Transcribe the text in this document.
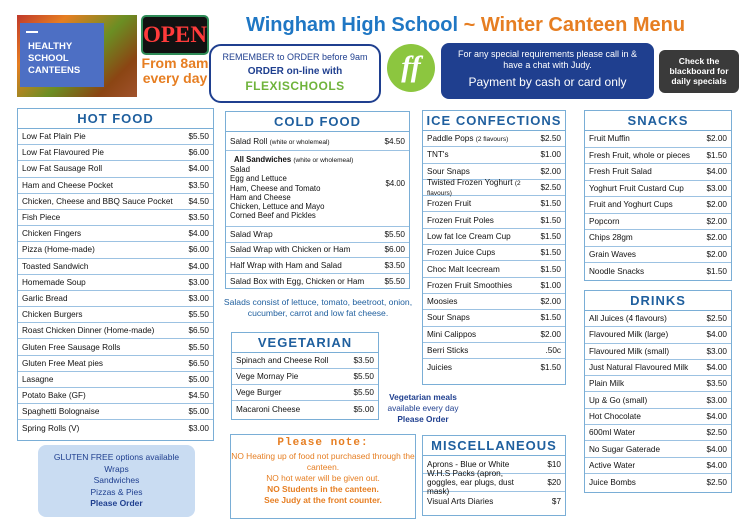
HEALTHY SCHOOL CANTEENS
OPEN
From 8am
every day
Wingham High School ~ Winter Canteen Menu
REMEMBER to ORDER before 9am
ORDER on-line with
FLEXISCHOOLS
ff	For any special requirements please call in & have a chat with Judy.
Payment by cash or card only
Check the blackboard for daily specials
HOT FOOD
Low Fat Plain Pie	$5.50
Low Fat Flavoured Pie	$6.00
Low Fat Sausage Roll	$4.00
Ham and Cheese Pocket	$3.50
Chicken, Cheese and BBQ Sauce Pocket	$4.50
Fish Piece	$3.50
Chicken Fingers	$4.00
Pizza (Home-made)	$6.00
Toasted Sandwich	$4.00
Homemade Soup	$3.00
Garlic Bread	$3.00
Chicken Burgers	$5.50
Roast Chicken Dinner (Home-made)	$6.50
Gluten Free Sausage Rolls	$5.50
Gluten Free Meat pies	$6.50
Lasagne	$5.00
Potato Bake (GF)	$4.50
Spaghetti Bolognaise	$5.00
Spring Rolls (V)	$3.00
GLUTEN FREE options available
Wraps
Sandwiches
Pizzas & Pies
Please Order
COLD FOOD
Salad Roll (white or wholemeal)	$4.50
All Sandwiches (white or wholemeal)
Salad
Egg and Lettuce
Ham, Cheese and Tomato
Ham and Cheese
Chicken, Lettuce and Mayo
Corned Beef and Pickles
$4.00
Salad Wrap	$5.50
Salad Wrap with Chicken or Ham	$6.00
Half Wrap with Ham and Salad	$3.50
Salad Box with Egg, Chicken or Ham	$5.50
Salads consist of lettuce, tomato, beetroot, onion, cucumber, carrot and low fat cheese.
VEGETARIAN
Spinach and Cheese Roll	$3.50
Vege Mornay Pie	$5.50
Vege Burger	$5.50
Macaroni Cheese	$5.00
Vegetarian meals
available every day
Please Order
Please note:
NO Heating up of food not purchased through the canteen.
NO hot water will be given out.
NO Students in the canteen.
See Judy at the front counter.
ICE CONFECTIONS
Paddle Pops (2 flavours)	$2.50
TNT's	$1.00
Sour Snaps	$2.00
Twisted Frozen Yoghurt (2 flavours)
$2.50
Frozen Fruit	$1.50
Frozen Fruit Poles	$1.50
Low fat Ice Cream Cup	$1.50
Frozen Juice Cups	$1.50
Choc Malt Icecream	$1.50
Frozen Fruit Smoothies	$1.00
Moosies	$2.00
Sour Snaps	$1.50
Mini Calippos	$2.00
Berri Sticks	.50c
Juicies	$1.50
MISCELLANEOUS
Aprons - Blue or White	$10
W.H.S Packs (apron, goggles, ear plugs, dust mask)
$20
Visual Arts Diaries	$7
SNACKS
Fruit Muffin	$2.00
Fresh Fruit, whole or pieces	$1.50
Fresh Fruit Salad	$4.00
Yoghurt Fruit Custard Cup	$3.00
Fruit and Yoghurt Cups	$2.00
Popcorn	$2.00
Chips 28gm	$2.00
Grain Waves	$2.00
Noodle Snacks	$1.50
DRINKS
All Juices (4 flavours)	$2.50
Flavoured Milk (large)	$4.00
Flavoured Milk (small)	$3.00
Just Natural Flavoured Milk	$4.00
Plain Milk	$3.50
Up & Go (small)	$3.00
Hot Chocolate	$4.00
600ml Water	$2.50
No Sugar Gaterade	$4.00
Active Water	$4.00
Juice Bombs	$2.50
